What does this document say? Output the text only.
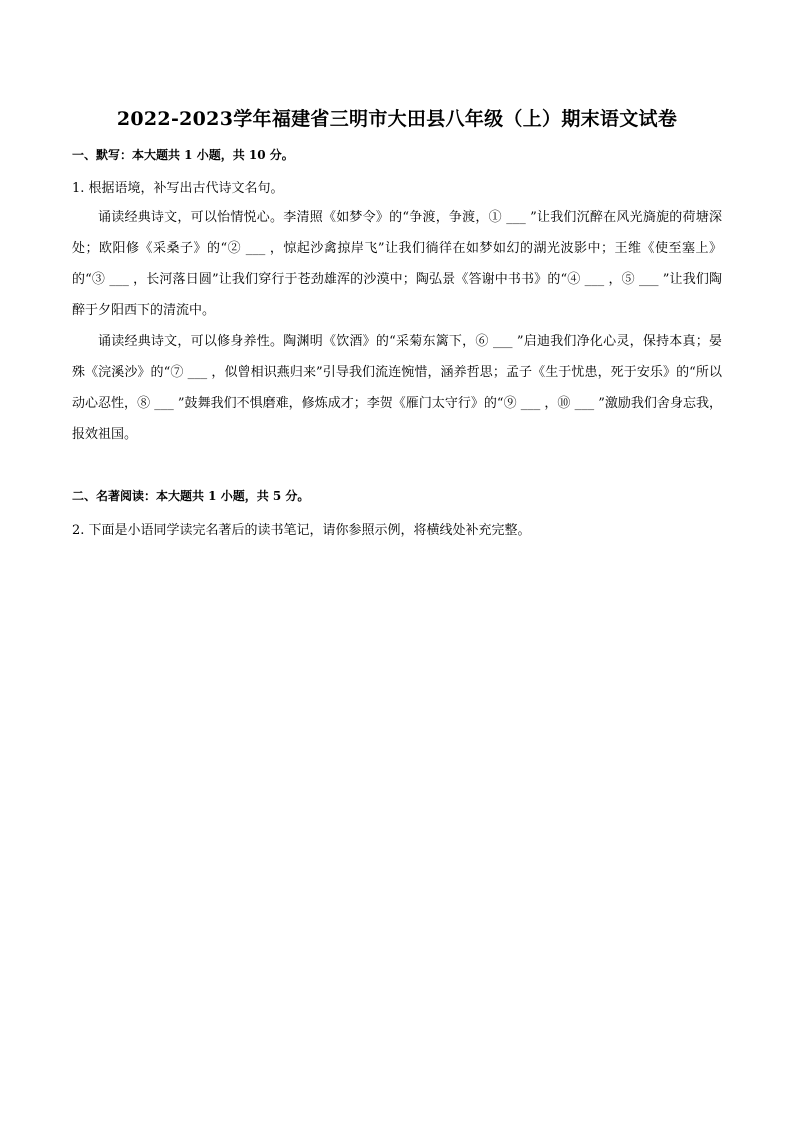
2022-2023学年福建省三明市大田县八年级（上）期末语文试卷
一、默写：本大题共 1 小题，共 10 分。
1. 根据语境，补写出古代诗文名句。
诵读经典诗文，可以怡情悦心。李清照《如梦令》的“争渡，争渡，① ___ ”让我们沉醉在风光旖旎的荷塘深处；欧阳修《采桑子》的“② ___ ，惊起沙禽掠岸飞”让我们徜徉在如梦如幻的湖光波影中；王维《使至塞上》的“③ ___ ，长河落日圆”让我们穿行于苍劲雄浑的沙漠中；陶弘景《答谢中书书》的“④ ___ ，⑤ ___ ”让我们陶醉于夕阳西下的清流中。
诵读经典诗文，可以修身养性。陶渊明《饮酒》的“采菊东篱下，⑥ ___ ”启迪我们净化心灵，保持本真；晏殊《浣溪沙》的“⑦ ___ ，似曾相识燕归来”引导我们流连惋惜，涵养哲思；孟子《生于忧患，死于安乐》的“所以动心忍性，⑧ ___ ”鼓舞我们不惧磨难，修炼成才；李贺《雁门太守行》的“⑨ ___ ，⑩ ___ ”激励我们舍身忘我，报效祖国。
二、名著阅读：本大题共 1 小题，共 5 分。
2. 下面是小语同学读完名著后的读书笔记，请你参照示例，将横线处补充完整。
